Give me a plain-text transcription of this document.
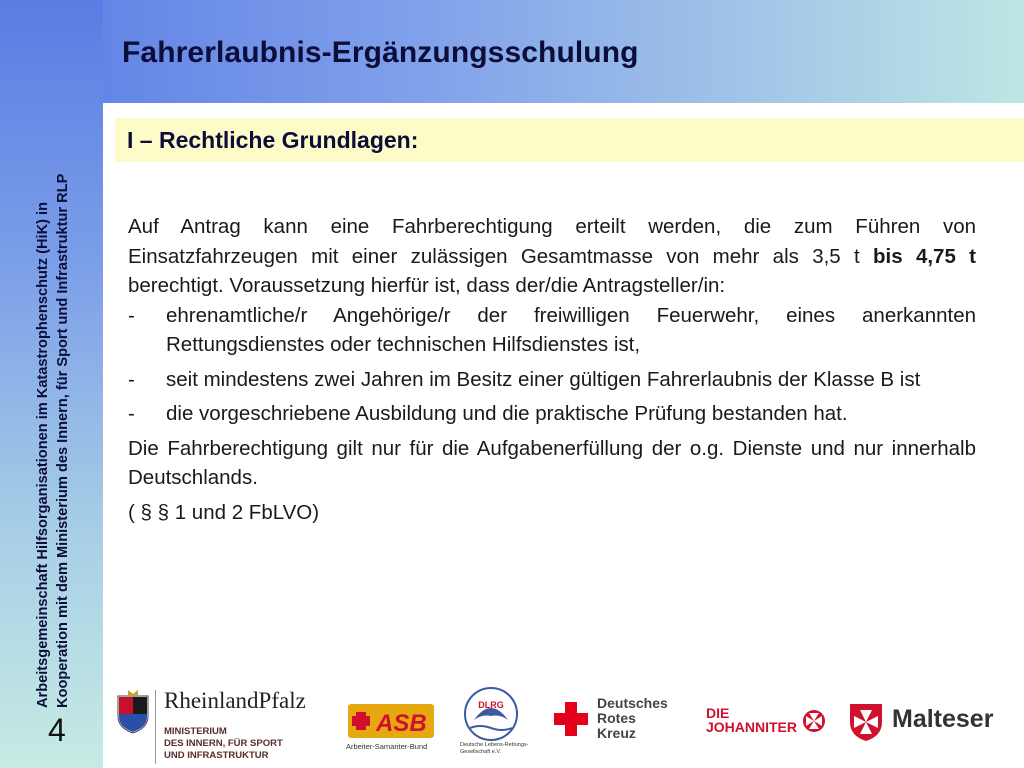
Fahrerlaubnis-Ergänzungsschulung
I – Rechtliche Grundlagen:
Arbeitsgemeinschaft Hilfsorganisationen im Katastrophenschutz (HiK) in Kooperation mit dem Ministerium des Innern, für Sport und Infrastruktur RLP
4

Auf Antrag kann eine Fahrberechtigung erteilt werden, die zum Führen von Einsatzfahrzeugen mit einer zulässigen Gesamtmasse von mehr als 3,5 t bis 4,75 t berechtigt. Voraussetzung hierfür ist, dass der/die Antragsteller/in:

-	ehrenamtliche/r Angehörige/r der freiwilligen Feuerwehr, eines anerkannten Rettungsdienstes oder technischen Hilfsdienstes ist,
-	seit mindestens zwei Jahren im Besitz einer gültigen Fahrerlaubnis der Klasse B ist
-	die vorgeschriebene Ausbildung und die praktische Prüfung bestanden hat.

Die Fahrberechtigung gilt nur für die Aufgabenerfüllung der o.g. Dienste und nur innerhalb Deutschlands.

( § § 1 und 2 FbLVO)

RheinlandPfalz
MINISTERIUM
DES INNERN, FÜR SPORT
UND INFRASTRUKTUR
ASB
Arbeiter-Samariter-Bund
DLRG
Deutsche Lebens-Rettungs-Gesellschaft e.V.
Deutsches
Rotes
Kreuz
DIE
JOHANNITER	Malteser
